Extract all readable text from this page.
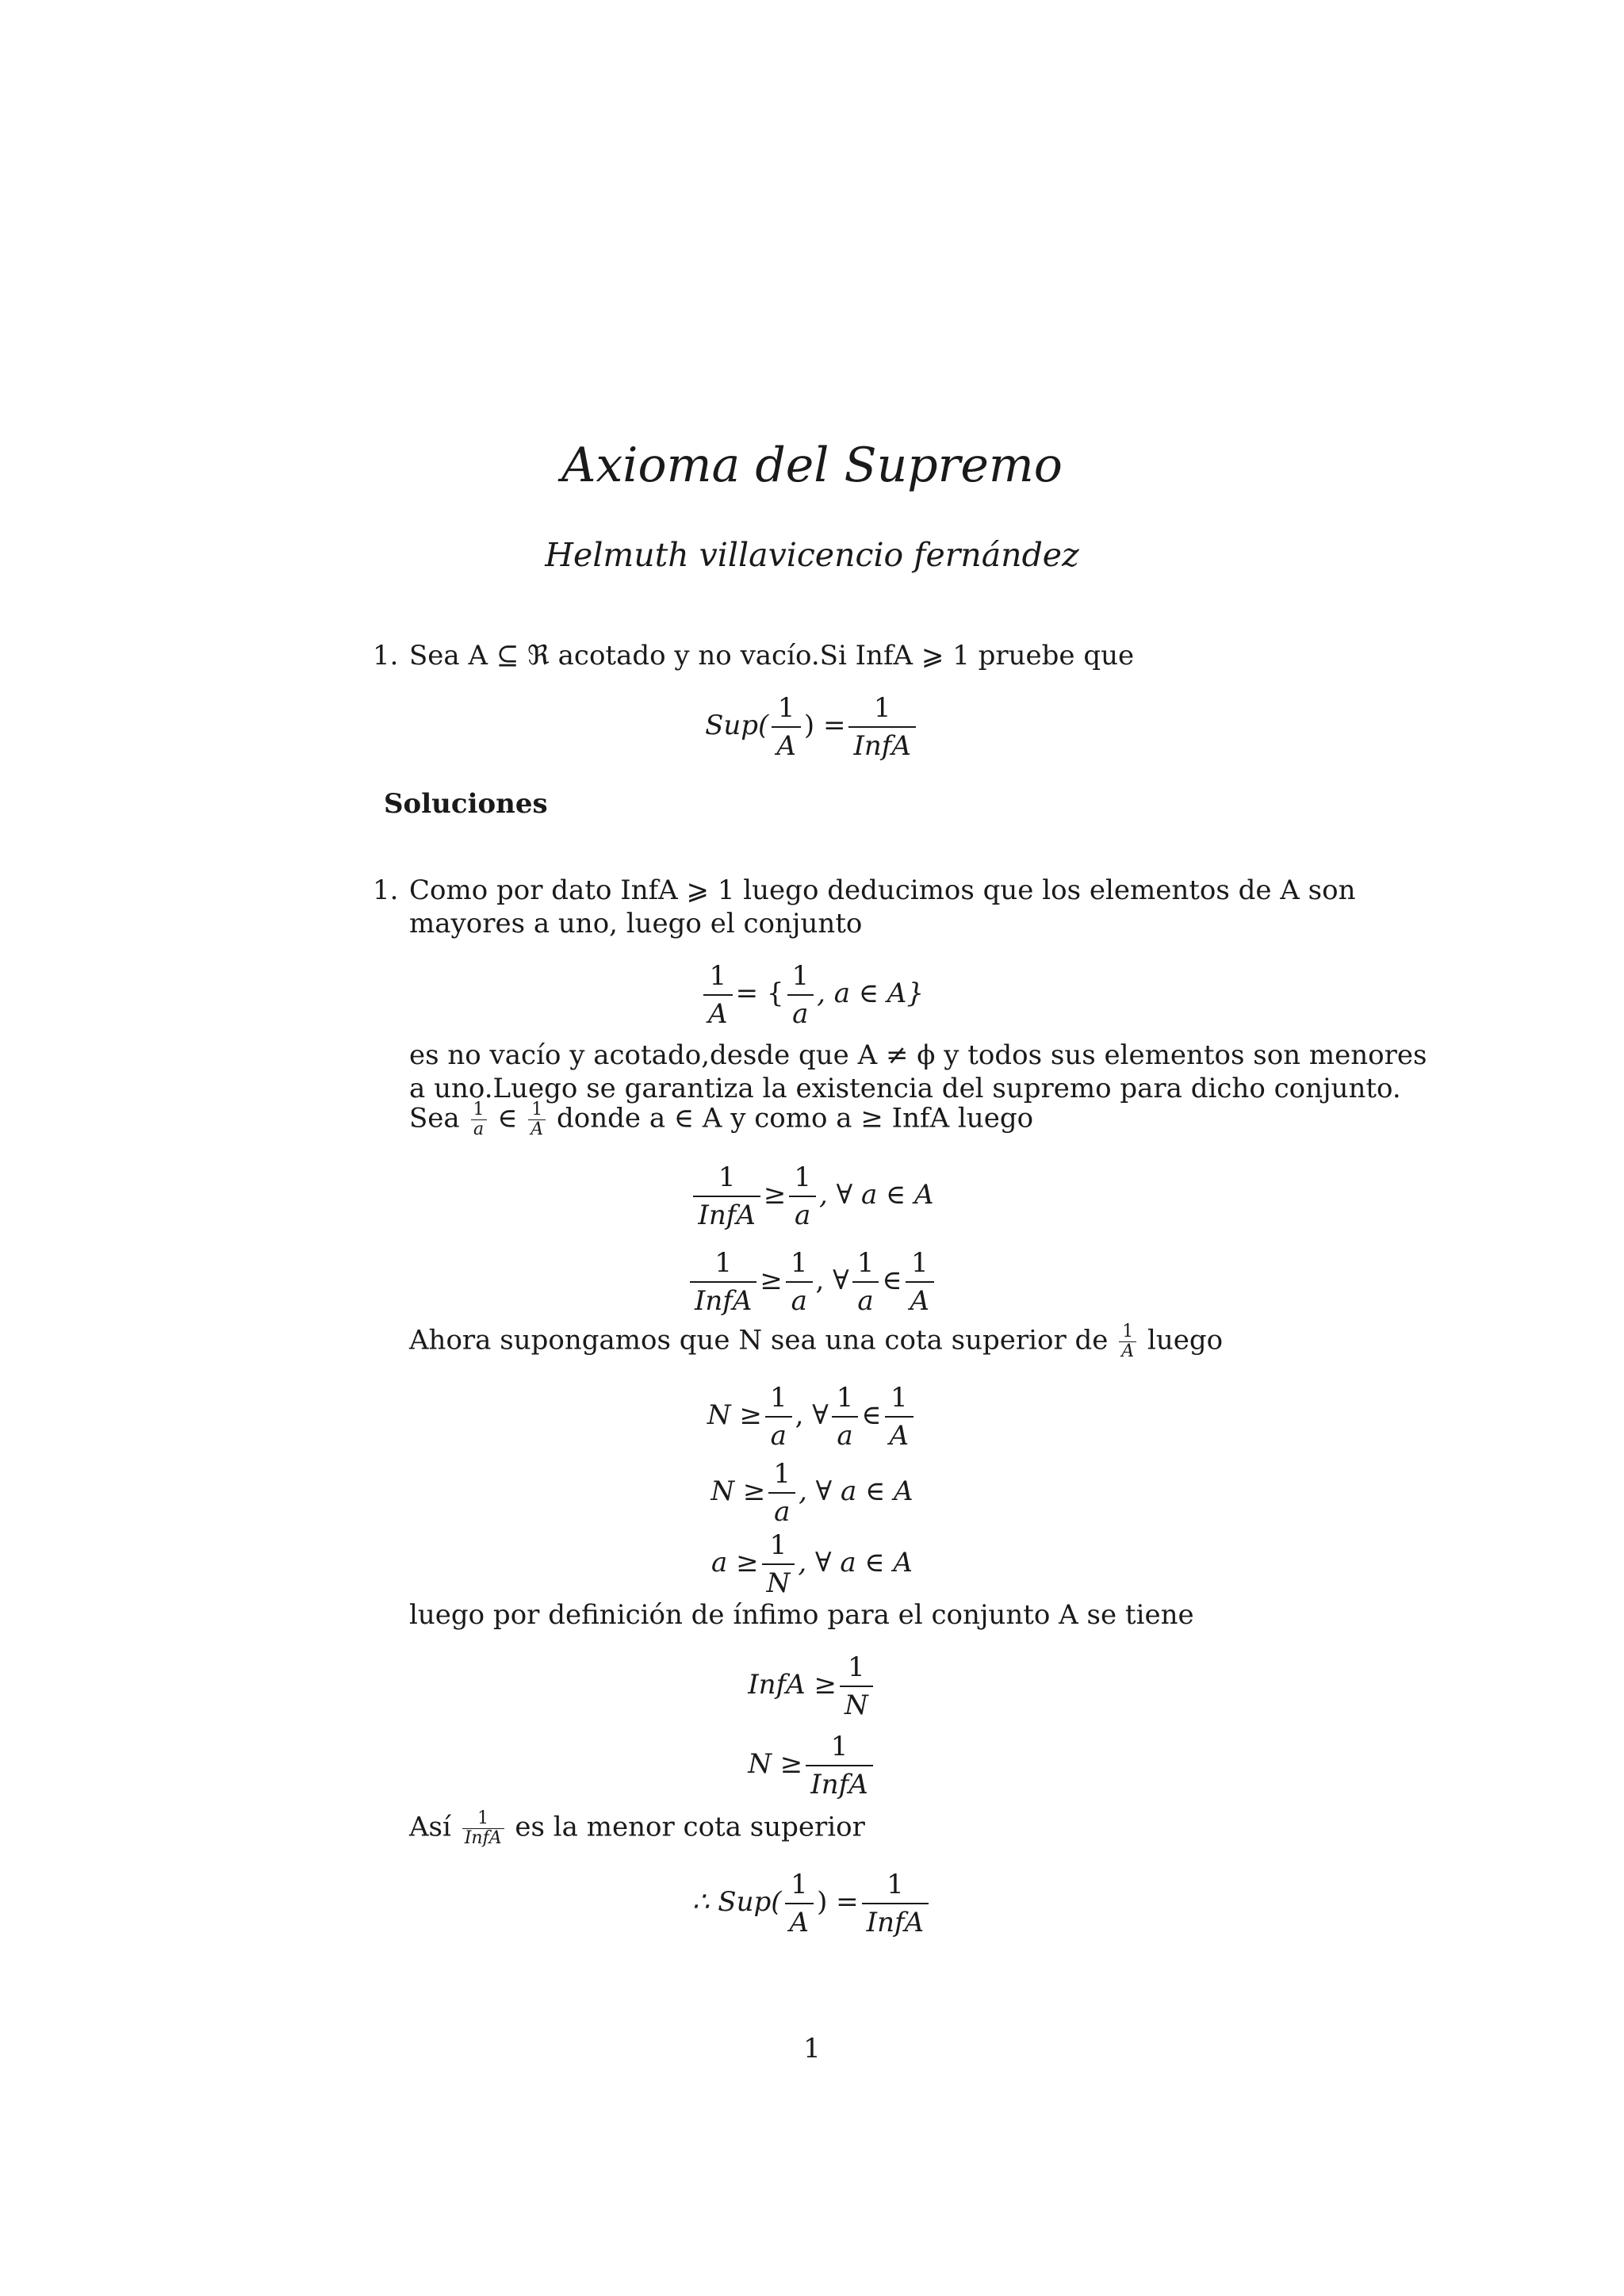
Axioma del Supremo
Helmuth villavicencio fernández
1. Sea A ⊆ ℜ acotado y no vacío.Si InfA ⩾ 1 pruebe que
$Sup( \frac{1}{A}$ ) = $\frac{1}{\text{InfA}}$
Soluciones
1. Como por dato InfA ⩾ 1 luego deducimos que los elementos de A son
mayores a uno, luego el conjunto
$\frac{1}{A}$ = { $\frac{1}{a}$ , a ∈ A}
es no vacío y acotado,desde que A ≠ ϕ y todos sus elementos son menores
a uno.Luego se garantiza la existencia del supremo para dicho conjunto.
Sea $\frac{1}{a}$ ∈ $\frac{1}{A}$ donde a ∈ A y como a ≥ InfA luego
$\frac{1}{\text{InfA}} \ge \frac{1}{a}$ , ∀ a ∈ A
$\frac{1}{\text{InfA}} \ge \frac{1}{a}$ , ∀ $\frac{1}{a}$ ∈ $\frac{1}{A}$
Ahora supongamos que N sea una cota superior de $\frac{1}{A}$ luego
$N \ge \frac{1}{a}$ , ∀ $\frac{1}{a}$ ∈ $\frac{1}{A}$
$N \ge \frac{1}{a}$ , ∀ a ∈ A
$a \ge \frac{1}{N}$ , ∀ a ∈ A
luego por definición de ínfimo para el conjunto A se tiene
InfA ≥ $\frac{1}{N}$
$N \ge \frac{1}{\text{InfA}}$
Así	1
InfA es la menor cota superior
∴ $Sup( \frac{1}{A}$ ) = $\frac{1}{\text{InfA}}$
1
